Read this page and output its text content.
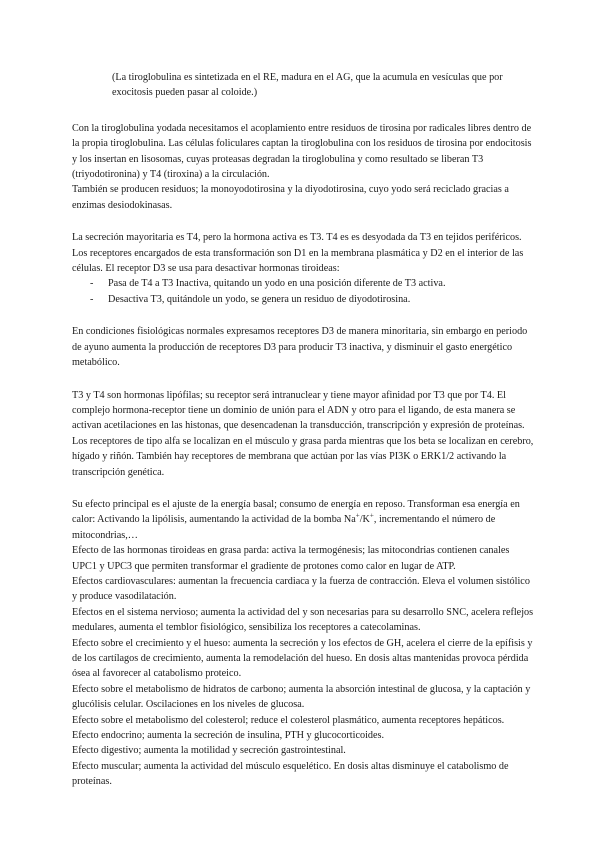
(La tiroglobulina es sintetizada en el RE, madura en el AG, que la acumula en vesículas que por exocitosis pueden pasar al coloide.)

Con la tiroglobulina yodada necesitamos el acoplamiento entre residuos de tirosina por radicales libres dentro de la propia tiroglobulina. Las células foliculares captan la tiroglobulina con los residuos de tirosina por endocitosis y los insertan en lisosomas, cuyas proteasas degradan la tiroglobulina y como resultado se liberan T3 (triyodotironina) y T4 (tiroxina) a la circulación.

También se producen residuos; la monoyodotirosina y la diyodotirosina, cuyo yodo será reciclado gracias a enzimas desiodokinasas.

La secreción mayoritaria es T4, pero la hormona activa es T3. T4 es es desyodada da T3 en tejidos periféricos. Los receptores encargados de esta transformación son D1 en la membrana plasmática y D2 en el interior de las células. El receptor D3 se usa para desactivar hormonas tiroideas:

- Pasa de T4 a T3 Inactiva, quitando un yodo en una posición diferente de T3 activa.
- Desactiva T3, quitándole un yodo, se genera un residuo de diyodotirosina.

En condiciones fisiológicas normales expresamos receptores D3 de manera minoritaria, sin embargo en periodo de ayuno aumenta la producción de receptores D3 para producir T3 inactiva, y disminuir el gasto energético metabólico.

T3 y T4 son hormonas lipófilas; su receptor será intranuclear y tiene mayor afinidad por T3 que por T4. El complejo hormona-receptor tiene un dominio de unión para el ADN y otro para el ligando, de esta manera se activan acetilaciones en las histonas, que desencadenan la transducción, transcripción y expresión de proteínas.

Los receptores de tipo alfa se localizan en el músculo y grasa parda mientras que los beta se localizan en cerebro, hígado y riñón. También hay receptores de membrana que actúan por las vías PI3K o ERK1/2 activando la transcripción genética.

Su efecto principal es el ajuste de la energía basal; consumo de energía en reposo. Transforman esa energía en calor: Activando la lipólisis, aumentando la actividad de la bomba Na+/K+, incrementando el número de mitocondrias,…

Efecto de las hormonas tiroideas en grasa parda: activa la termogénesis; las mitocondrias contienen canales UPC1 y UPC3 que permiten transformar el gradiente de protones como calor en lugar de ATP.

Efectos cardiovasculares: aumentan la frecuencia cardiaca y la fuerza de contracción. Eleva el volumen sistólico y produce vasodilatación.

Efectos en el sistema nervioso; aumenta la actividad del y son necesarias para su desarrollo SNC, acelera reflejos medulares, aumenta el temblor fisiológico, sensibiliza los receptores a catecolaminas.

Efecto sobre el crecimiento y el hueso: aumenta la secreción y los efectos de GH, acelera el cierre de la epífisis y de los cartílagos de crecimiento, aumenta la remodelación del hueso. En dosis altas mantenidas provoca pérdida ósea al favorecer al catabolismo proteico.

Efecto sobre el metabolismo de hidratos de carbono; aumenta la absorción intestinal de glucosa, y la captación y glucólisis celular. Oscilaciones en los niveles de glucosa.

Efecto sobre el metabolismo del colesterol; reduce el colesterol plasmático, aumenta receptores hepáticos.

Efecto endocrino; aumenta la secreción de insulina, PTH y glucocorticoides.

Efecto digestivo; aumenta la motilidad y secreción gastrointestinal.

Efecto muscular; aumenta la actividad del músculo esquelético. En dosis altas disminuye el catabolismo de proteínas.
